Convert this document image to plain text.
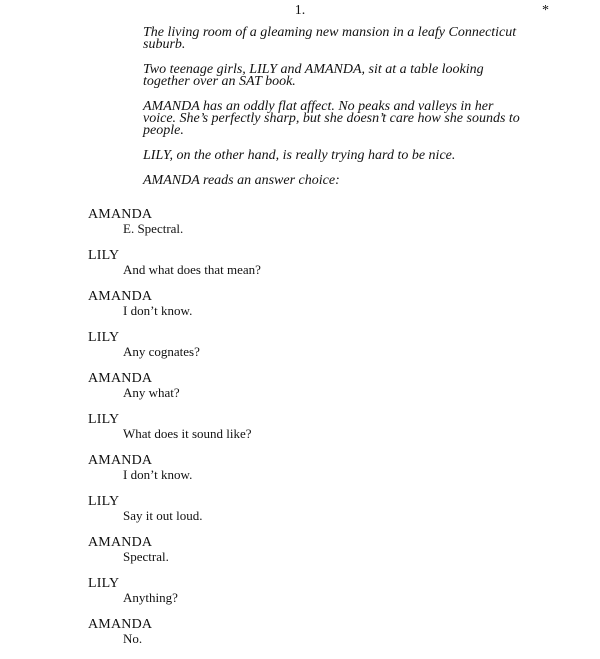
1.	*

The living room of a gleaming new mansion in a leafy Connecticut suburb.

Two teenage girls, LILY and AMANDA, sit at a table looking together over an SAT book.

AMANDA has an oddly flat affect. No peaks and valleys in her voice. She’s perfectly sharp, but she doesn’t care how she sounds to people.

LILY, on the other hand, is really trying hard to be nice.

AMANDA reads an answer choice:

AMANDA
E. Spectral.
LILY
And what does that mean?
AMANDA
I don’t know.
LILY
Any cognates?
AMANDA
Any what?
LILY
What does it sound like?
AMANDA
I don’t know.
LILY
Say it out loud.
AMANDA
Spectral.
LILY
Anything?
AMANDA
No.
